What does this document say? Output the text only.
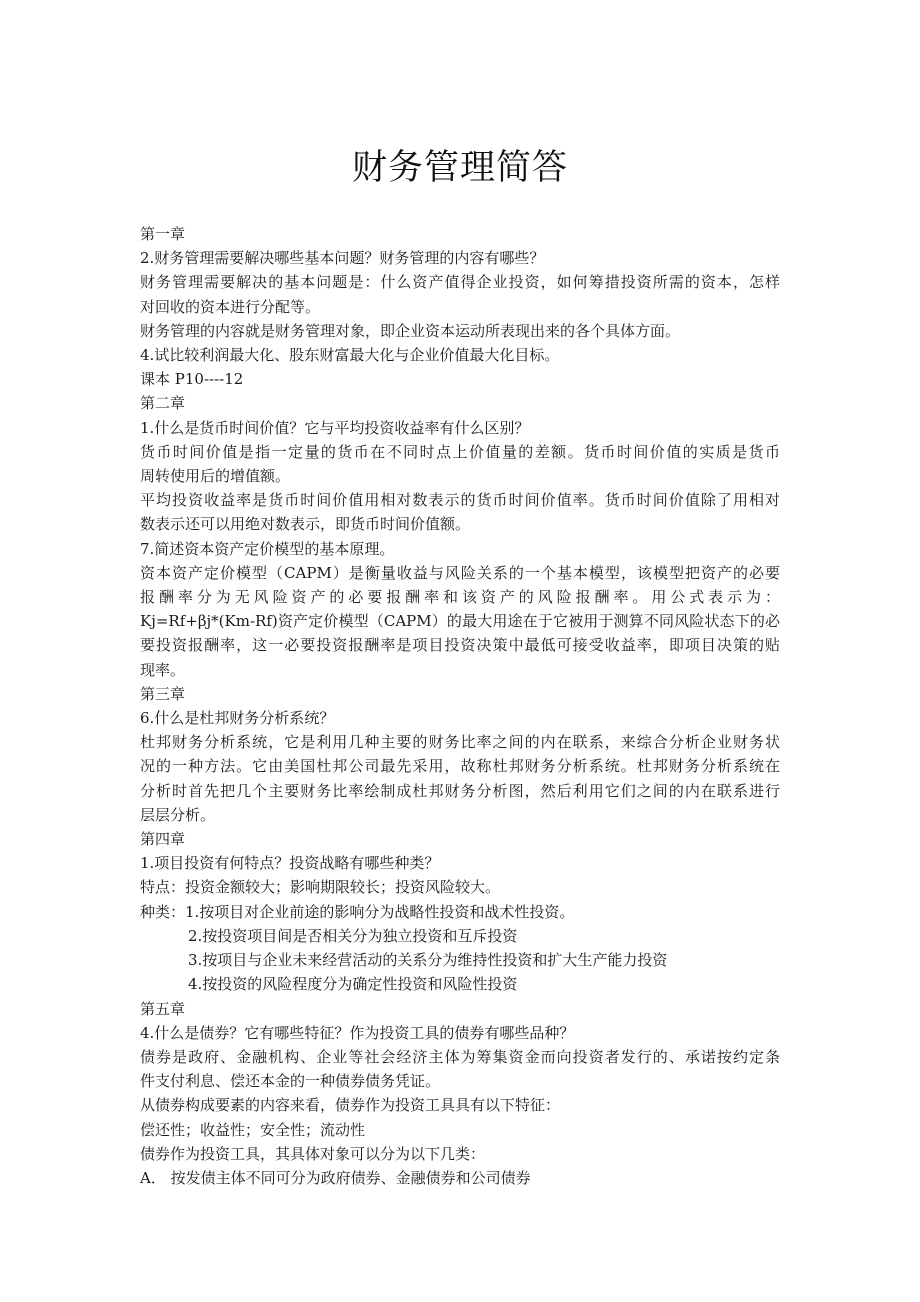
财务管理简答
第一章
2.财务管理需要解决哪些基本问题？财务管理的内容有哪些？
财务管理需要解决的基本问题是：什么资产值得企业投资，如何筹措投资所需的资本，怎样
对回收的资本进行分配等。
财务管理的内容就是财务管理对象，即企业资本运动所表现出来的各个具体方面。
4.试比较利润最大化、股东财富最大化与企业价值最大化目标。
课本 P10----12
第二章
1.什么是货币时间价值？它与平均投资收益率有什么区别？
货币时间价值是指一定量的货币在不同时点上价值量的差额。货币时间价值的实质是货币
周转使用后的增值额。
平均投资收益率是货币时间价值用相对数表示的货币时间价值率。货币时间价值除了用相对
数表示还可以用绝对数表示，即货币时间价值额。
7.简述资本资产定价模型的基本原理。
资本资产定价模型（CAPM）是衡量收益与风险关系的一个基本模型，该模型把资产的必要
报酬率分为无风险资产的必要报酬率和该资产的风险报酬率。用公式表示为：
Kj=Rf+βj*(Km-Rf)资产定价模型（CAPM）的最大用途在于它被用于测算不同风险状态下的必
要投资报酬率，这一必要投资报酬率是项目投资决策中最低可接受收益率，即项目决策的贴
现率。
第三章
6.什么是杜邦财务分析系统？
杜邦财务分析系统，它是利用几种主要的财务比率之间的内在联系，来综合分析企业财务状
况的一种方法。它由美国杜邦公司最先采用，故称杜邦财务分析系统。杜邦财务分析系统在
分析时首先把几个主要财务比率绘制成杜邦财务分析图，然后利用它们之间的内在联系进行
层层分析。
第四章
1.项目投资有何特点？投资战略有哪些种类？
特点：投资金额较大；影响期限较长；投资风险较大。
种类：1.按项目对企业前途的影响分为战略性投资和战术性投资。
2.按投资项目间是否相关分为独立投资和互斥投资
3.按项目与企业未来经营活动的关系分为维持性投资和扩大生产能力投资
4.按投资的风险程度分为确定性投资和风险性投资
第五章
4.什么是债券？它有哪些特征？作为投资工具的债券有哪些品种？
债券是政府、金融机构、企业等社会经济主体为筹集资金而向投资者发行的、承诺按约定条
件支付利息、偿还本金的一种债券债务凭证。
从债券构成要素的内容来看，债券作为投资工具具有以下特征：
偿还性；收益性；安全性；流动性
债券作为投资工具，其具体对象可以分为以下几类：
A． 按发债主体不同可分为政府债券、金融债券和公司债券
